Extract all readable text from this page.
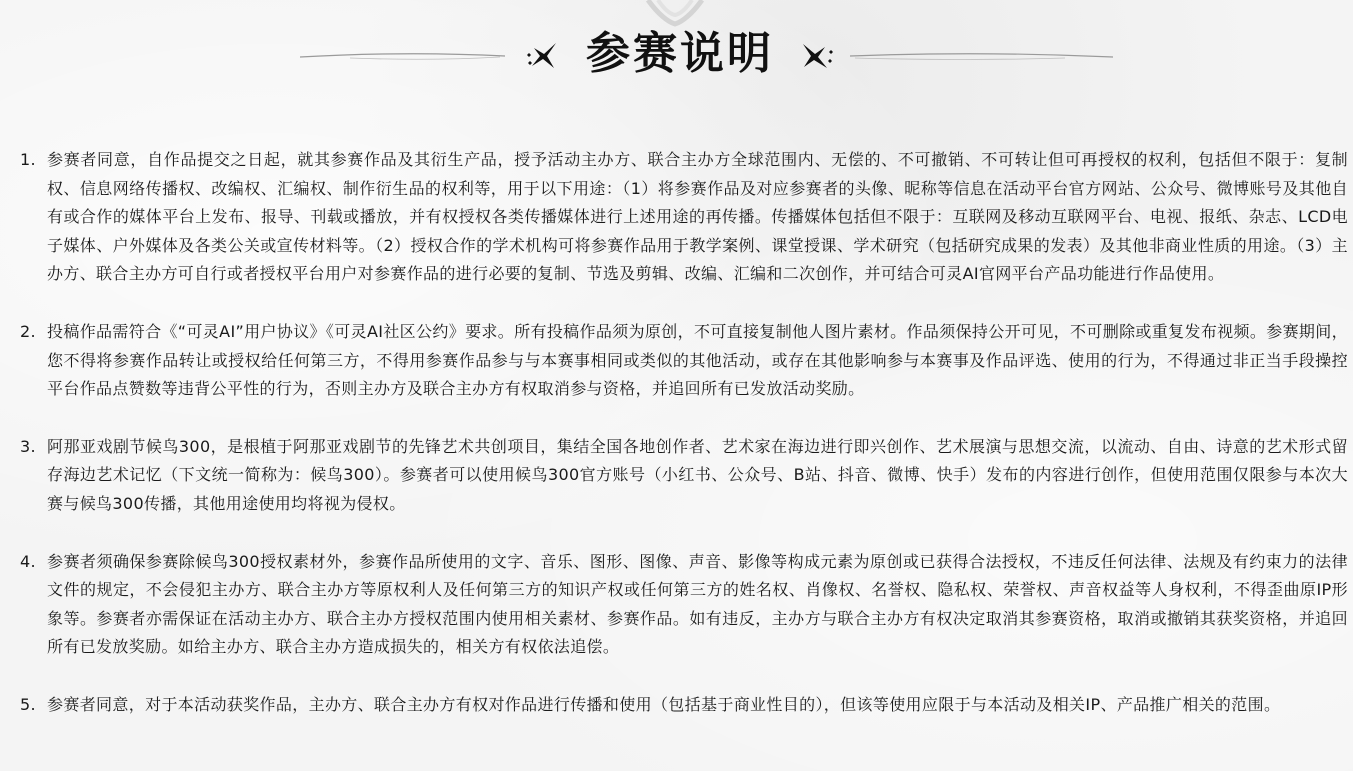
参赛说明
1. 参赛者同意，自作品提交之日起，就其参赛作品及其衍生产品，授予活动主办方、联合主办方全球范围内、无偿的、不可撤销、不可转让但可再授权的权利，包括但不限于：复制权、信息网络传播权、改编权、汇编权、制作衍生品的权利等，用于以下用途：（1）将参赛作品及对应参赛者的头像、昵称等信息在活动平台官方网站、公众号、微博账号及其他自有或合作的媒体平台上发布、报导、刊载或播放，并有权授权各类传播媒体进行上述用途的再传播。传播媒体包括但不限于：互联网及移动互联网平台、电视、报纸、杂志、LCD电子媒体、户外媒体及各类公关或宣传材料等。（2）授权合作的学术机构可将参赛作品用于教学案例、课堂授课、学术研究（包括研究成果的发表）及其他非商业性质的用途。（3）主办方、联合主办方可自行或者授权平台用户对参赛作品的进行必要的复制、节选及剪辑、改编、汇编和二次创作，并可结合可灵AI官网平台产品功能进行作品使用。
2. 投稿作品需符合《“可灵AI”用户协议》《可灵AI社区公约》要求。所有投稿作品须为原创，不可直接复制他人图片素材。作品须保持公开可见，不可删除或重复发布视频。参赛期间，您不得将参赛作品转让或授权给任何第三方，不得用参赛作品参与与本赛事相同或类似的其他活动，或存在其他影响参与本赛事及作品评选、使用的行为，不得通过非正当手段操控平台作品点赞数等违背公平性的行为，否则主办方及联合主办方有权取消参与资格，并追回所有已发放活动奖励。
3. 阿那亚戏剧节候鸟300，是根植于阿那亚戏剧节的先锋艺术共创项目，集结全国各地创作者、艺术家在海边进行即兴创作、艺术展演与思想交流，以流动、自由、诗意的艺术形式留存海边艺术记忆（下文统一简称为：候鸟300）。参赛者可以使用候鸟300官方账号（小红书、公众号、B站、抖音、微博、快手）发布的内容进行创作，但使用范围仅限参与本次大赛与候鸟300传播，其他用途使用均将视为侵权。
4. 参赛者须确保参赛除候鸟300授权素材外，参赛作品所使用的文字、音乐、图形、图像、声音、影像等构成元素为原创或已获得合法授权，不违反任何法律、法规及有约束力的法律文件的规定，不会侵犯主办方、联合主办方等原权利人及任何第三方的知识产权或任何第三方的姓名权、肖像权、名誉权、隐私权、荣誉权、声音权益等人身权利，不得歪曲原IP形象等。参赛者亦需保证在活动主办方、联合主办方授权范围内使用相关素材、参赛作品。如有违反，主办方与联合主办方有权决定取消其参赛资格，取消或撤销其获奖资格，并追回所有已发放奖励。如给主办方、联合主办方造成损失的，相关方有权依法追偿。
5. 参赛者同意，对于本活动获奖作品，主办方、联合主办方有权对作品进行传播和使用（包括基于商业性目的），但该等使用应限于与本活动及相关IP、产品推广相关的范围。
